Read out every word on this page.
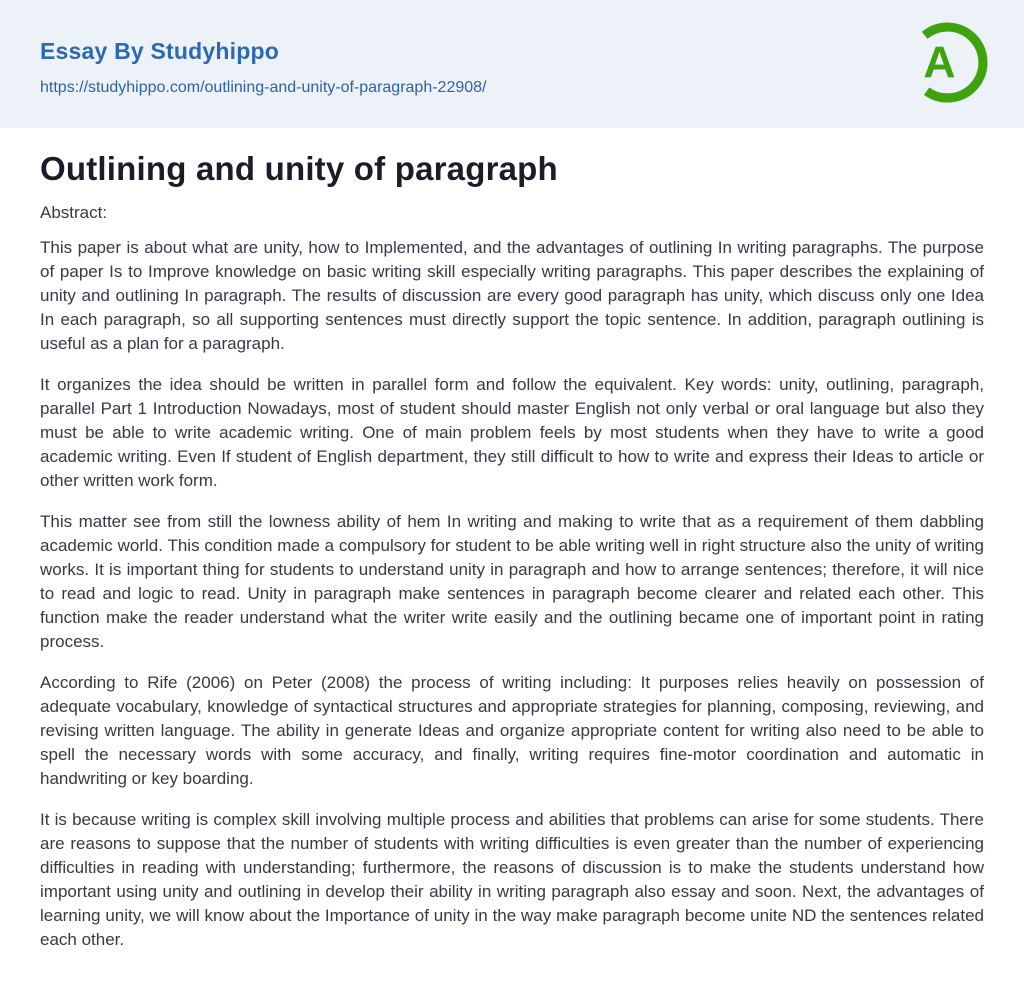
Essay By Studyhippo
https://studyhippo.com/outlining-and-unity-of-paragraph-22908/	A
Outlining and unity of paragraph
Abstract:

This paper is about what are unity, how to Implemented, and the advantages of outlining In writing paragraphs. The purpose of paper Is to Improve knowledge on basic writing skill especially writing paragraphs. This paper describes the explaining of unity and outlining In paragraph. The results of discussion are every good paragraph has unity, which discuss only one Idea In each paragraph, so all supporting sentences must directly support the topic sentence. In addition, paragraph outlining is useful as a plan for a paragraph.

It organizes the idea should be written in parallel form and follow the equivalent. Key words: unity, outlining, paragraph, parallel Part 1 Introduction Nowadays, most of student should master English not only verbal or oral language but also they must be able to write academic writing. One of main problem feels by most students when they have to write a good academic writing. Even If student of English department, they still difficult to how to write and express their Ideas to article or other written work form.

This matter see from still the lowness ability of hem In writing and making to write that as a requirement of them dabbling academic world. This condition made a compulsory for student to be able writing well in right structure also the unity of writing works. It is important thing for students to understand unity in paragraph and how to arrange sentences; therefore, it will nice to read and logic to read. Unity in paragraph make sentences in paragraph become clearer and related each other. This function make the reader understand what the writer write easily and the outlining became one of important point in rating process.

According to Rife (2006) on Peter (2008) the process of writing including: It purposes relies heavily on possession of adequate vocabulary, knowledge of syntactical structures and appropriate strategies for planning, composing, reviewing, and revising written language. The ability in generate Ideas and organize appropriate content for writing also need to be able to spell the necessary words with some accuracy, and finally, writing requires fine-motor coordination and automatic in handwriting or key boarding.

It is because writing is complex skill involving multiple process and abilities that problems can arise for some students. There are reasons to suppose that the number of students with writing difficulties is even greater than the number of experiencing difficulties in reading with understanding; furthermore, the reasons of discussion is to make the students understand how important using unity and outlining in develop their ability in writing paragraph also essay and soon. Next, the advantages of learning unity, we will know about the Importance of unity in the way make paragraph become unite ND the sentences related each other.
